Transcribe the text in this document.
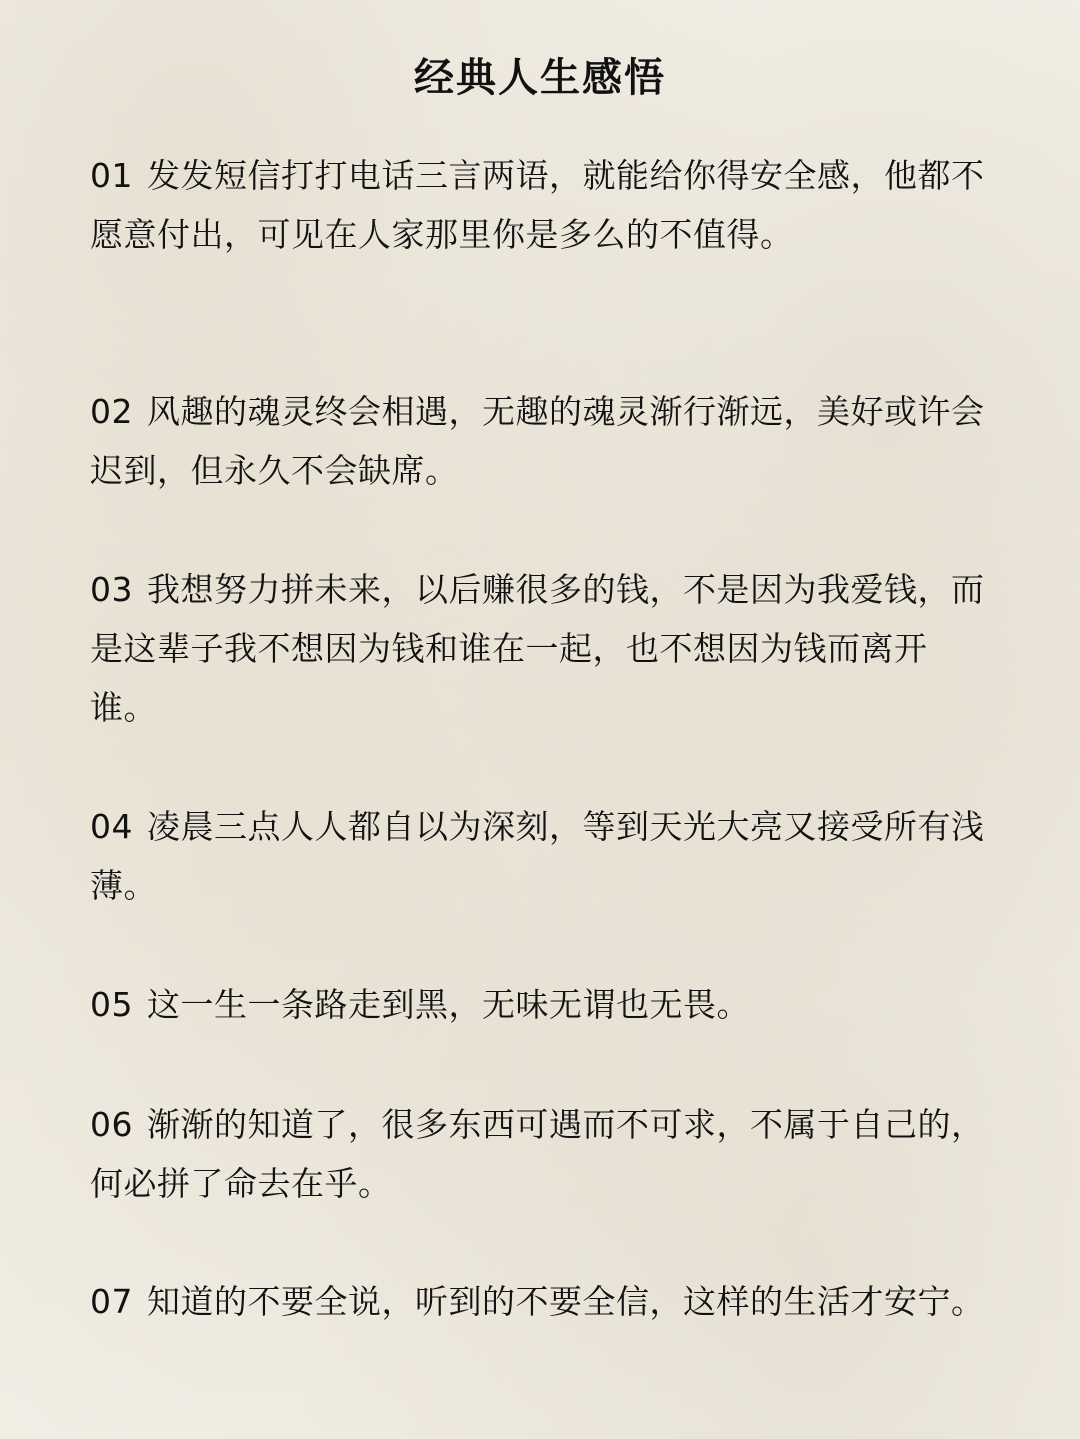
经典人生感悟
01 发发短信打打电话三言两语，就能给你得安全感，他都不愿意付出，可见在人家那里你是多么的不值得。
02 风趣的魂灵终会相遇，无趣的魂灵渐行渐远，美好或许会迟到，但永久不会缺席。
03 我想努力拼未来，以后赚很多的钱，不是因为我爱钱，而是这辈子我不想因为钱和谁在一起，也不想因为钱而离开谁。
04 凌晨三点人人都自以为深刻，等到天光大亮又接受所有浅薄。
05 这一生一条路走到黑，无味无谓也无畏。
06 渐渐的知道了，很多东西可遇而不可求，不属于自己的，何必拼了命去在乎。
07 知道的不要全说，听到的不要全信，这样的生活才安宁。
